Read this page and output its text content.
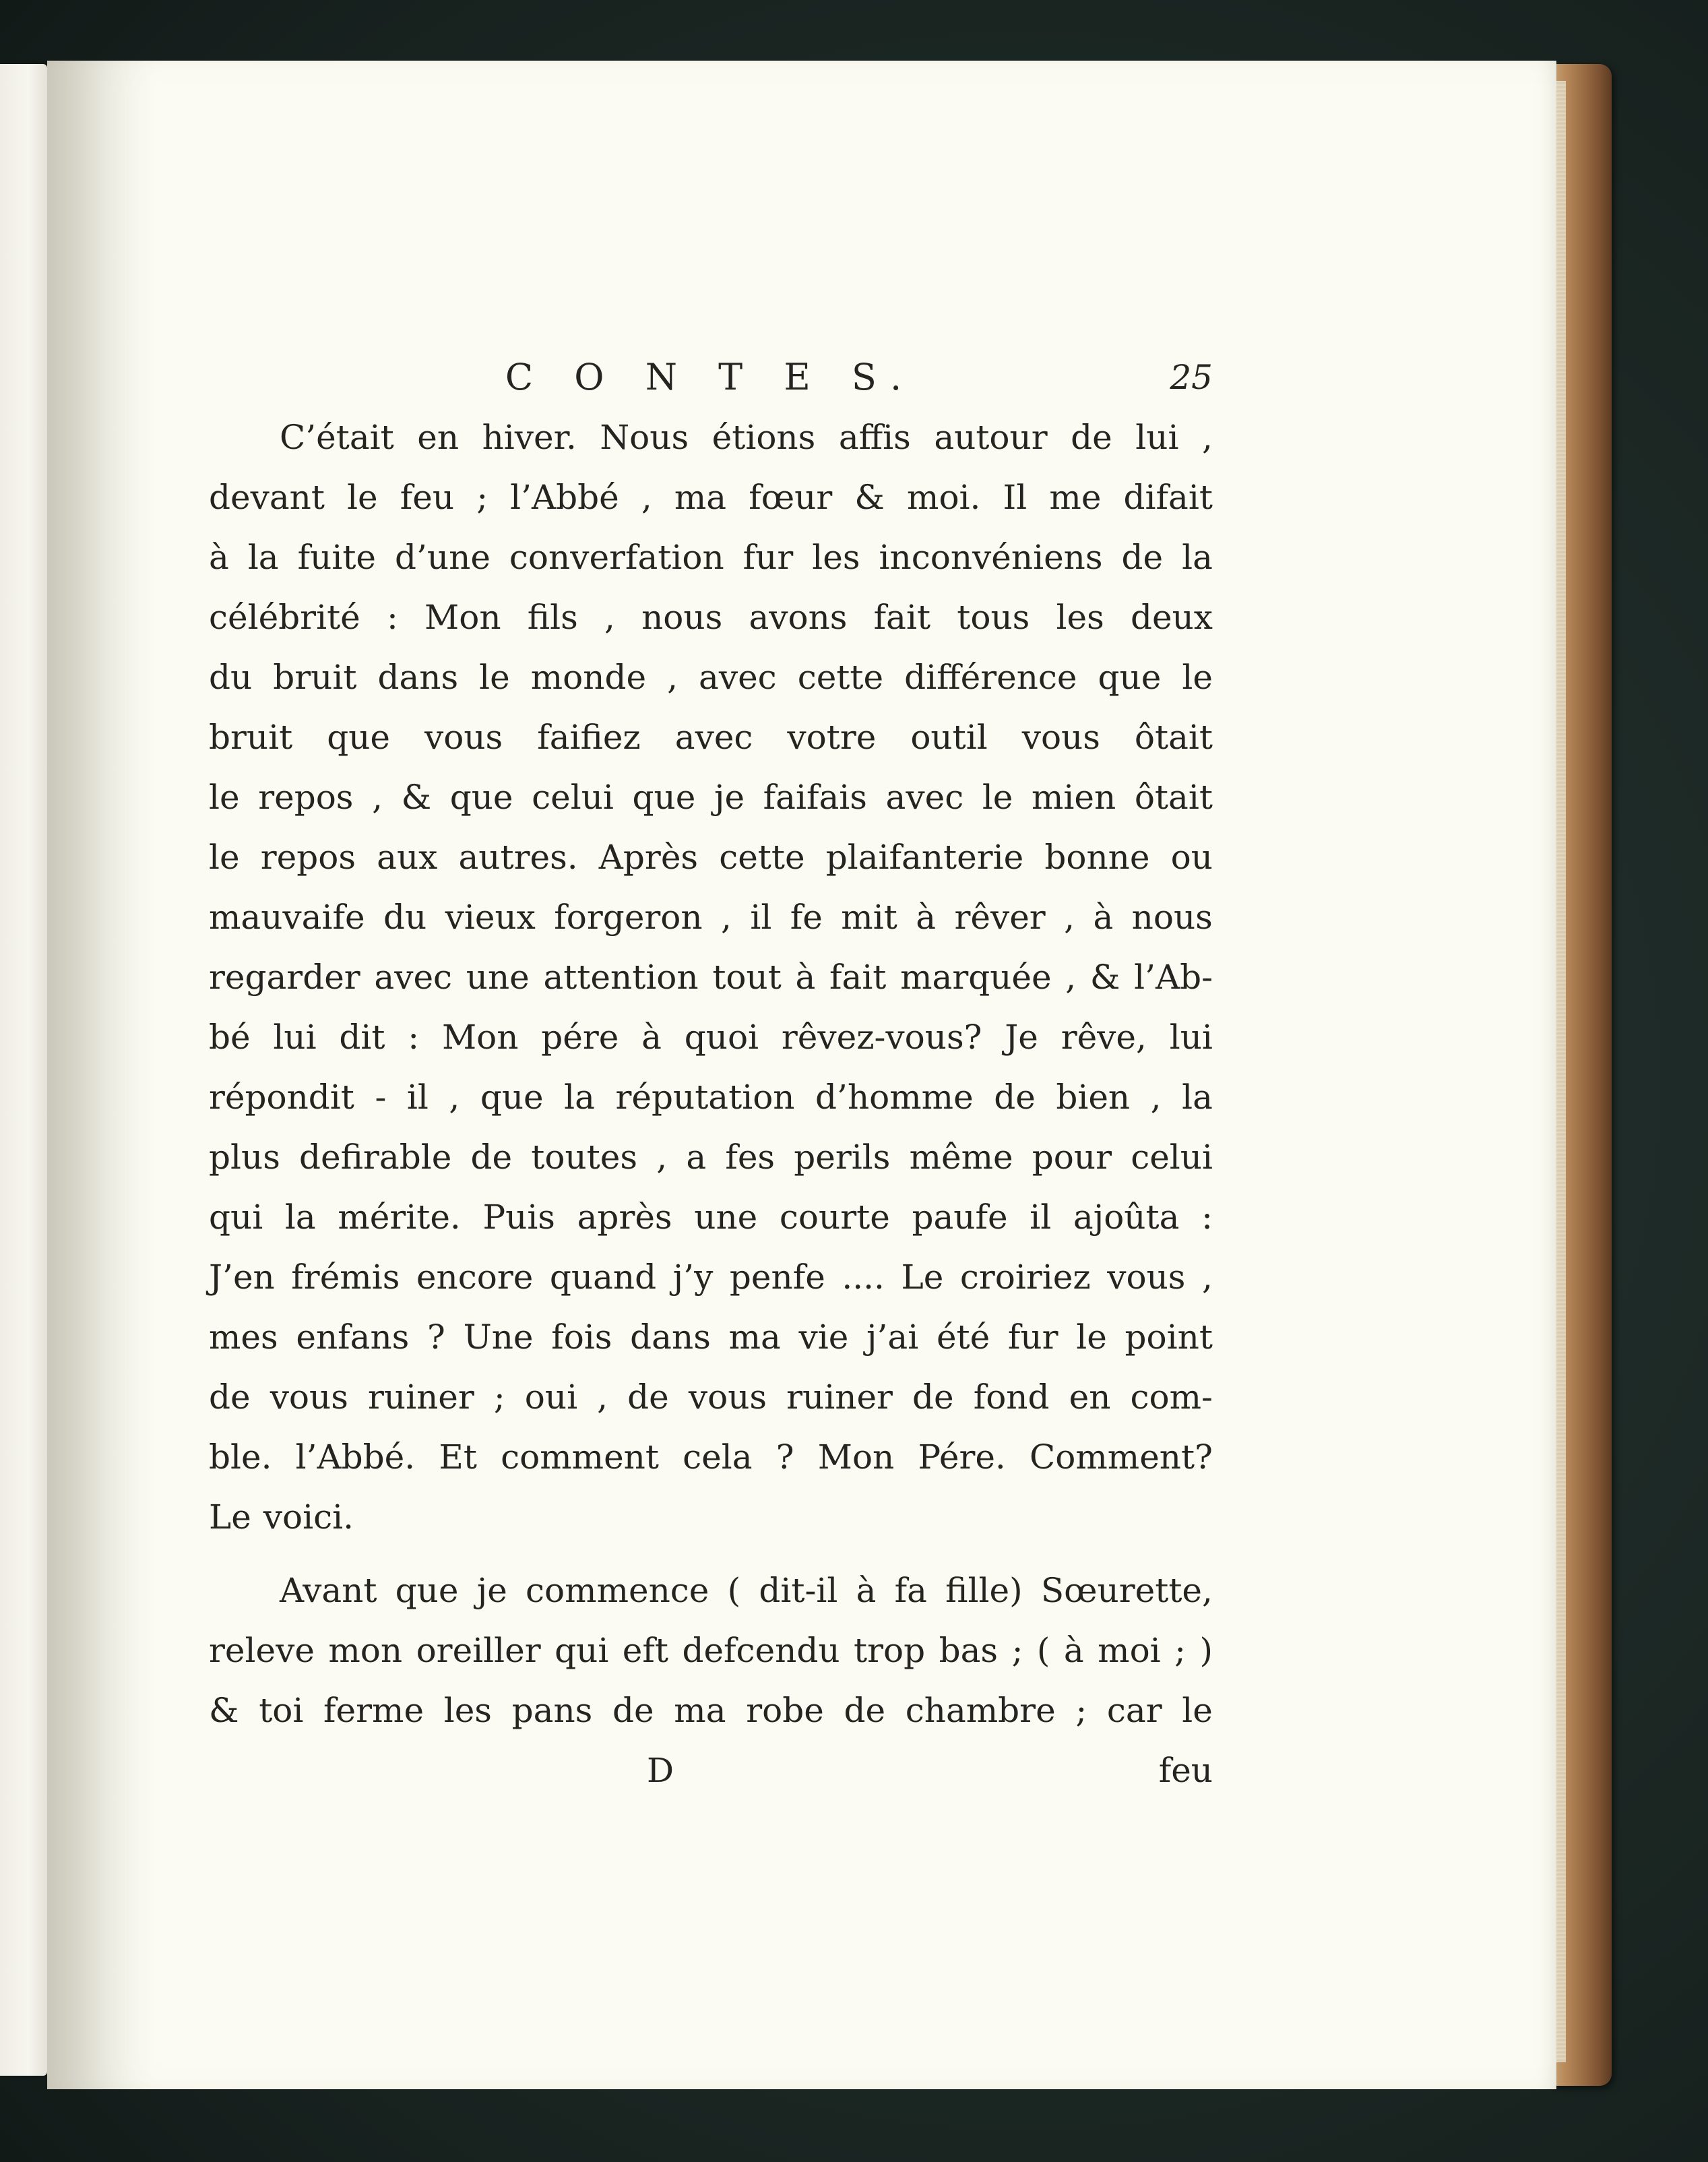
C O N T E S.	25
C’était en hiver. Nous étions affis autour de lui ,
devant le feu ; l’Abbé , ma fœur & moi. Il me difait
à la fuite d’une converfation fur les inconvéniens de la
célébrité : Mon fils , nous avons fait tous les deux
du bruit dans le monde , avec cette différence que le
bruit que vous faifiez avec votre outil vous ôtait
le repos , & que celui que je faifais avec le mien ôtait
le repos aux autres. Après cette plaifanterie bonne ou
mauvaife du vieux forgeron , il fe mit à rêver , à nous
regarder avec une attention tout à fait marquée , & l’Ab-
bé lui dit : Mon pére à quoi rêvez-vous? Je rêve, lui
répondit - il , que la réputation d’homme de bien , la
plus defirable de toutes , a fes perils même pour celui
qui la mérite. Puis après une courte paufe il ajoûta :
J’en frémis encore quand j’y penfe .... Le croiriez vous ,
mes enfans ? Une fois dans ma vie j’ai été fur le point
de vous ruiner ; oui , de vous ruiner de fond en com-
ble. l’Abbé. Et comment cela ? Mon Pére. Comment?
Le voici.
Avant que je commence ( dit-il à fa fille) Sœurette,
releve mon oreiller qui eft defcendu trop bas ; ( à moi ; )
& toi ferme les pans de ma robe de chambre ; car le
D	feu
